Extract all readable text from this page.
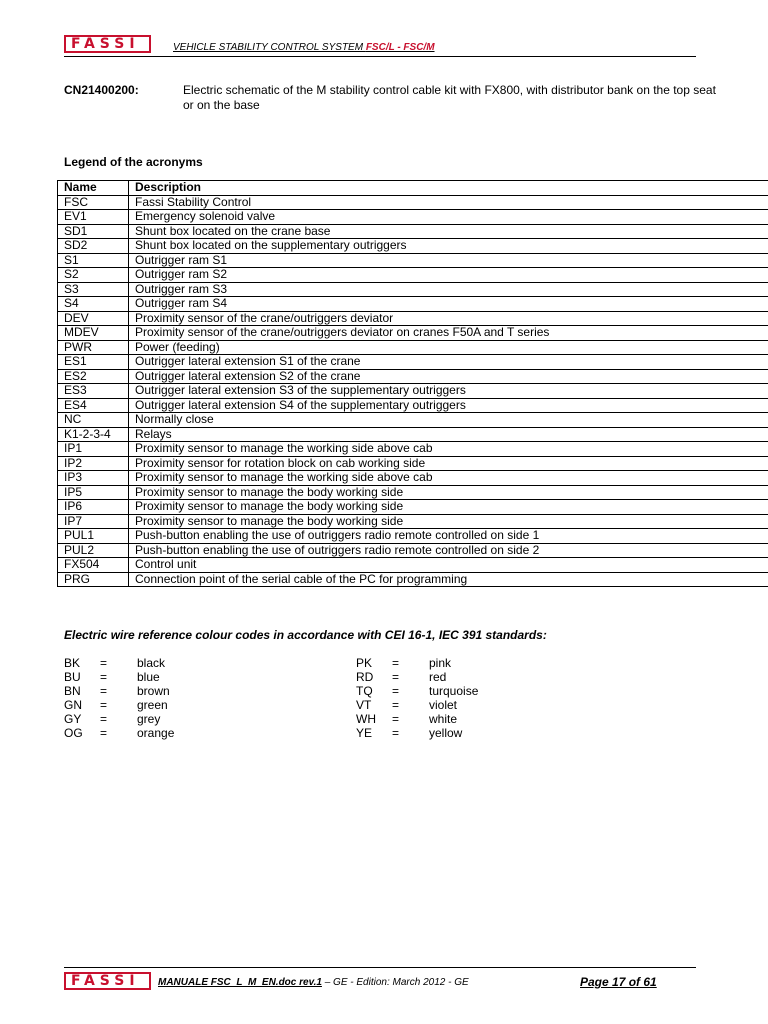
FASSI	VEHICLE STABILITY CONTROL SYSTEM FSC/L - FSC/M
CN21400200:	Electric schematic of the M stability control cable kit with FX800, with distributor bank on the top seat or on the base
Legend of the acronyms
Name	Description
FSC	Fassi Stability Control
EV1	Emergency solenoid valve
SD1	Shunt box located on the crane base
SD2	Shunt box located on the supplementary outriggers
S1	Outrigger ram S1
S2	Outrigger ram S2
S3	Outrigger ram S3
S4	Outrigger ram S4
DEV	Proximity sensor of the crane/outriggers deviator
MDEV	Proximity sensor of the crane/outriggers deviator on cranes F50A and T series
PWR	Power (feeding)
ES1	Outrigger lateral extension S1 of the crane
ES2	Outrigger lateral extension S2 of the crane
ES3	Outrigger lateral extension S3 of the supplementary outriggers
ES4	Outrigger lateral extension S4 of the supplementary outriggers
NC	Normally close
K1-2-3-4	Relays
IP1	Proximity sensor to manage the working side above cab
IP2	Proximity sensor for rotation block on cab working side
IP3	Proximity sensor to manage the working side above cab
IP5	Proximity sensor to manage the body working side
IP6	Proximity sensor to manage the body working side
IP7	Proximity sensor to manage the body working side
PUL1	Push-button enabling the use of outriggers radio remote controlled on side 1
PUL2	Push-button enabling the use of outriggers radio remote controlled on side 2
FX504	Control unit
PRG	Connection point of the serial cable of the PC for programming
Electric wire reference colour codes in accordance with CEI 16-1, IEC 391 standards:
BK = black
BU = blue
BN = brown
GN = green
GY = grey
OG = orange
PK = pink
RD = red
TQ = turquoise
VT = violet
WH = white
YE = yellow
FASSI	MANUALE FSC_L_M_EN.doc rev.1 – GE - Edition: March 2012 - GE	Page 17 of 61
